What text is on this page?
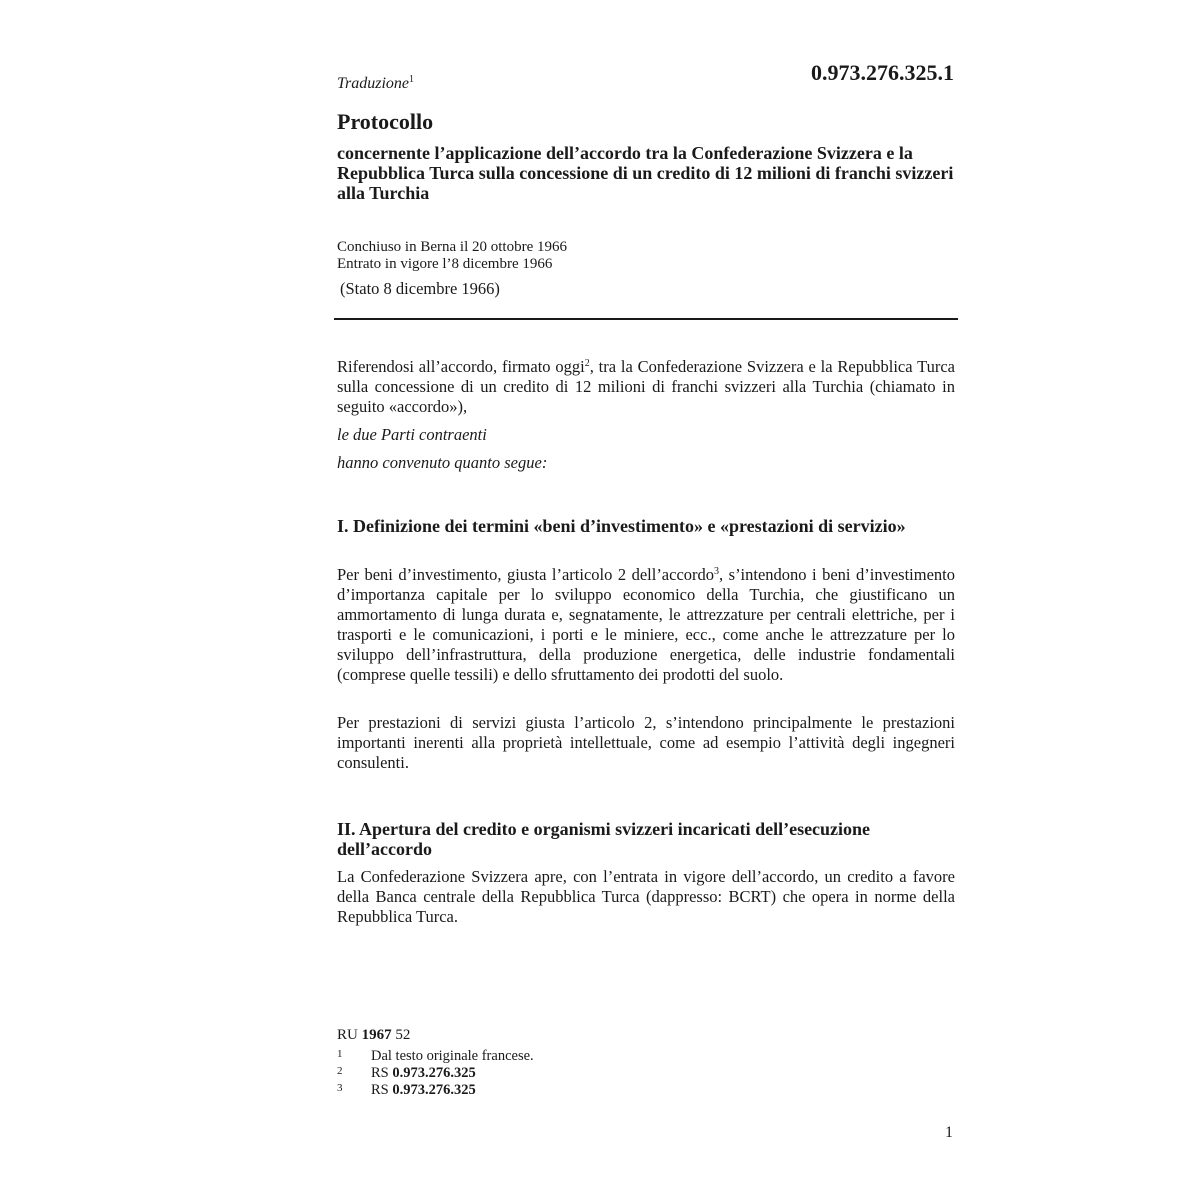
Traduzione$^1$	0.973.276.325.1
Protocollo
concernente l’applicazione dell’accordo tra la Confederazione Svizzera e la Repubblica Turca sulla concessione di un credito di 12 milioni di franchi svizzeri alla Turchia
Conchiuso in Berna il 20 ottobre 1966
Entrato in vigore l’8 dicembre 1966
(Stato 8 dicembre 1966)

Riferendosi all’accordo, firmato oggi$^2$, tra la Confederazione Svizzera e la Repubblica Turca sulla concessione di un credito di 12 milioni di franchi svizzeri alla Turchia (chiamato in seguito «accordo»),

le due Parti contraenti

hanno convenuto quanto segue:

I. Definizione dei termini «beni d’investimento» e «prestazioni di servizio»

Per beni d’investimento, giusta l’articolo 2 dell’accordo$^3$, s’intendono i beni d’investimento d’importanza capitale per lo sviluppo economico della Turchia, che giustificano un ammortamento di lunga durata e, segnatamente, le attrezzature per centrali elettriche, per i trasporti e le comunicazioni, i porti e le miniere, ecc., come anche le attrezzature per lo sviluppo dell’infrastruttura, della produzione energetica, delle industrie fondamentali (comprese quelle tessili) e dello sfruttamento dei prodotti del suolo.

Per prestazioni di servizi giusta l’articolo 2, s’intendono principalmente le prestazioni importanti inerenti alla proprietà intellettuale, come ad esempio l’attività degli ingegneri consulenti.

II. Apertura del credito e organismi svizzeri incaricati dell’esecuzione dell’accordo

La Confederazione Svizzera apre, con l’entrata in vigore dell’accordo, un credito a favore della Banca centrale della Repubblica Turca (dappresso: BCRT) che opera in norme della Repubblica Turca.

RU 1967 52
1 Dal testo originale francese.
2 RS 0.973.276.325
3 RS 0.973.276.325
1
